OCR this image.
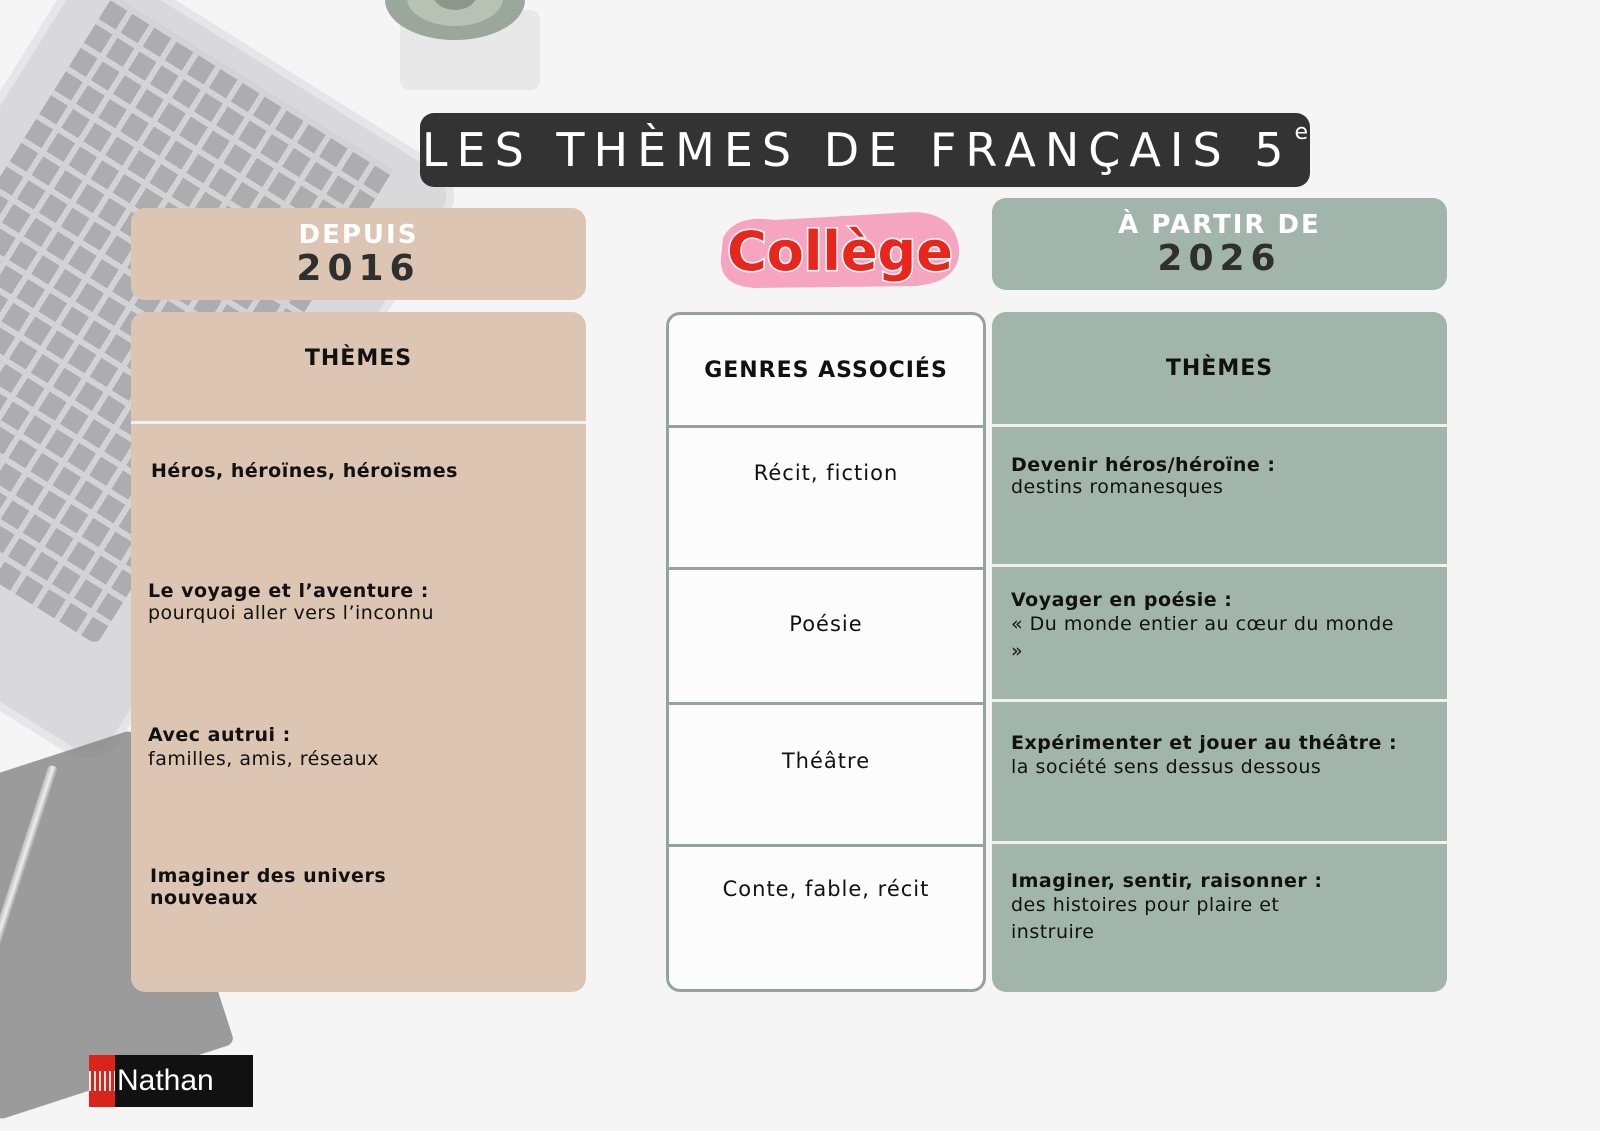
LES THÈMES DE FRANÇAIS 5 e
DEPUIS
2016
À PARTIR DE
2026
Collège
THÈMES
Héros, héroïnes, héroïsmes
Le voyage et l’aventure :
pourquoi aller vers l’inconnu
Avec autrui :
familles, amis, réseaux
Imaginer des univers nouveaux
GENRES ASSOCIÉS
Récit, fiction
Poésie
Théâtre
Conte, fable, récit
THÈMES
Devenir héros/héroïne :
destins romanesques
Voyager en poésie :
« Du monde entier au cœur du monde »
Expérimenter et jouer au théâtre :
la société sens dessus dessous
Imaginer, sentir, raisonner :
des histoires pour plaire et instruire
Nathan
